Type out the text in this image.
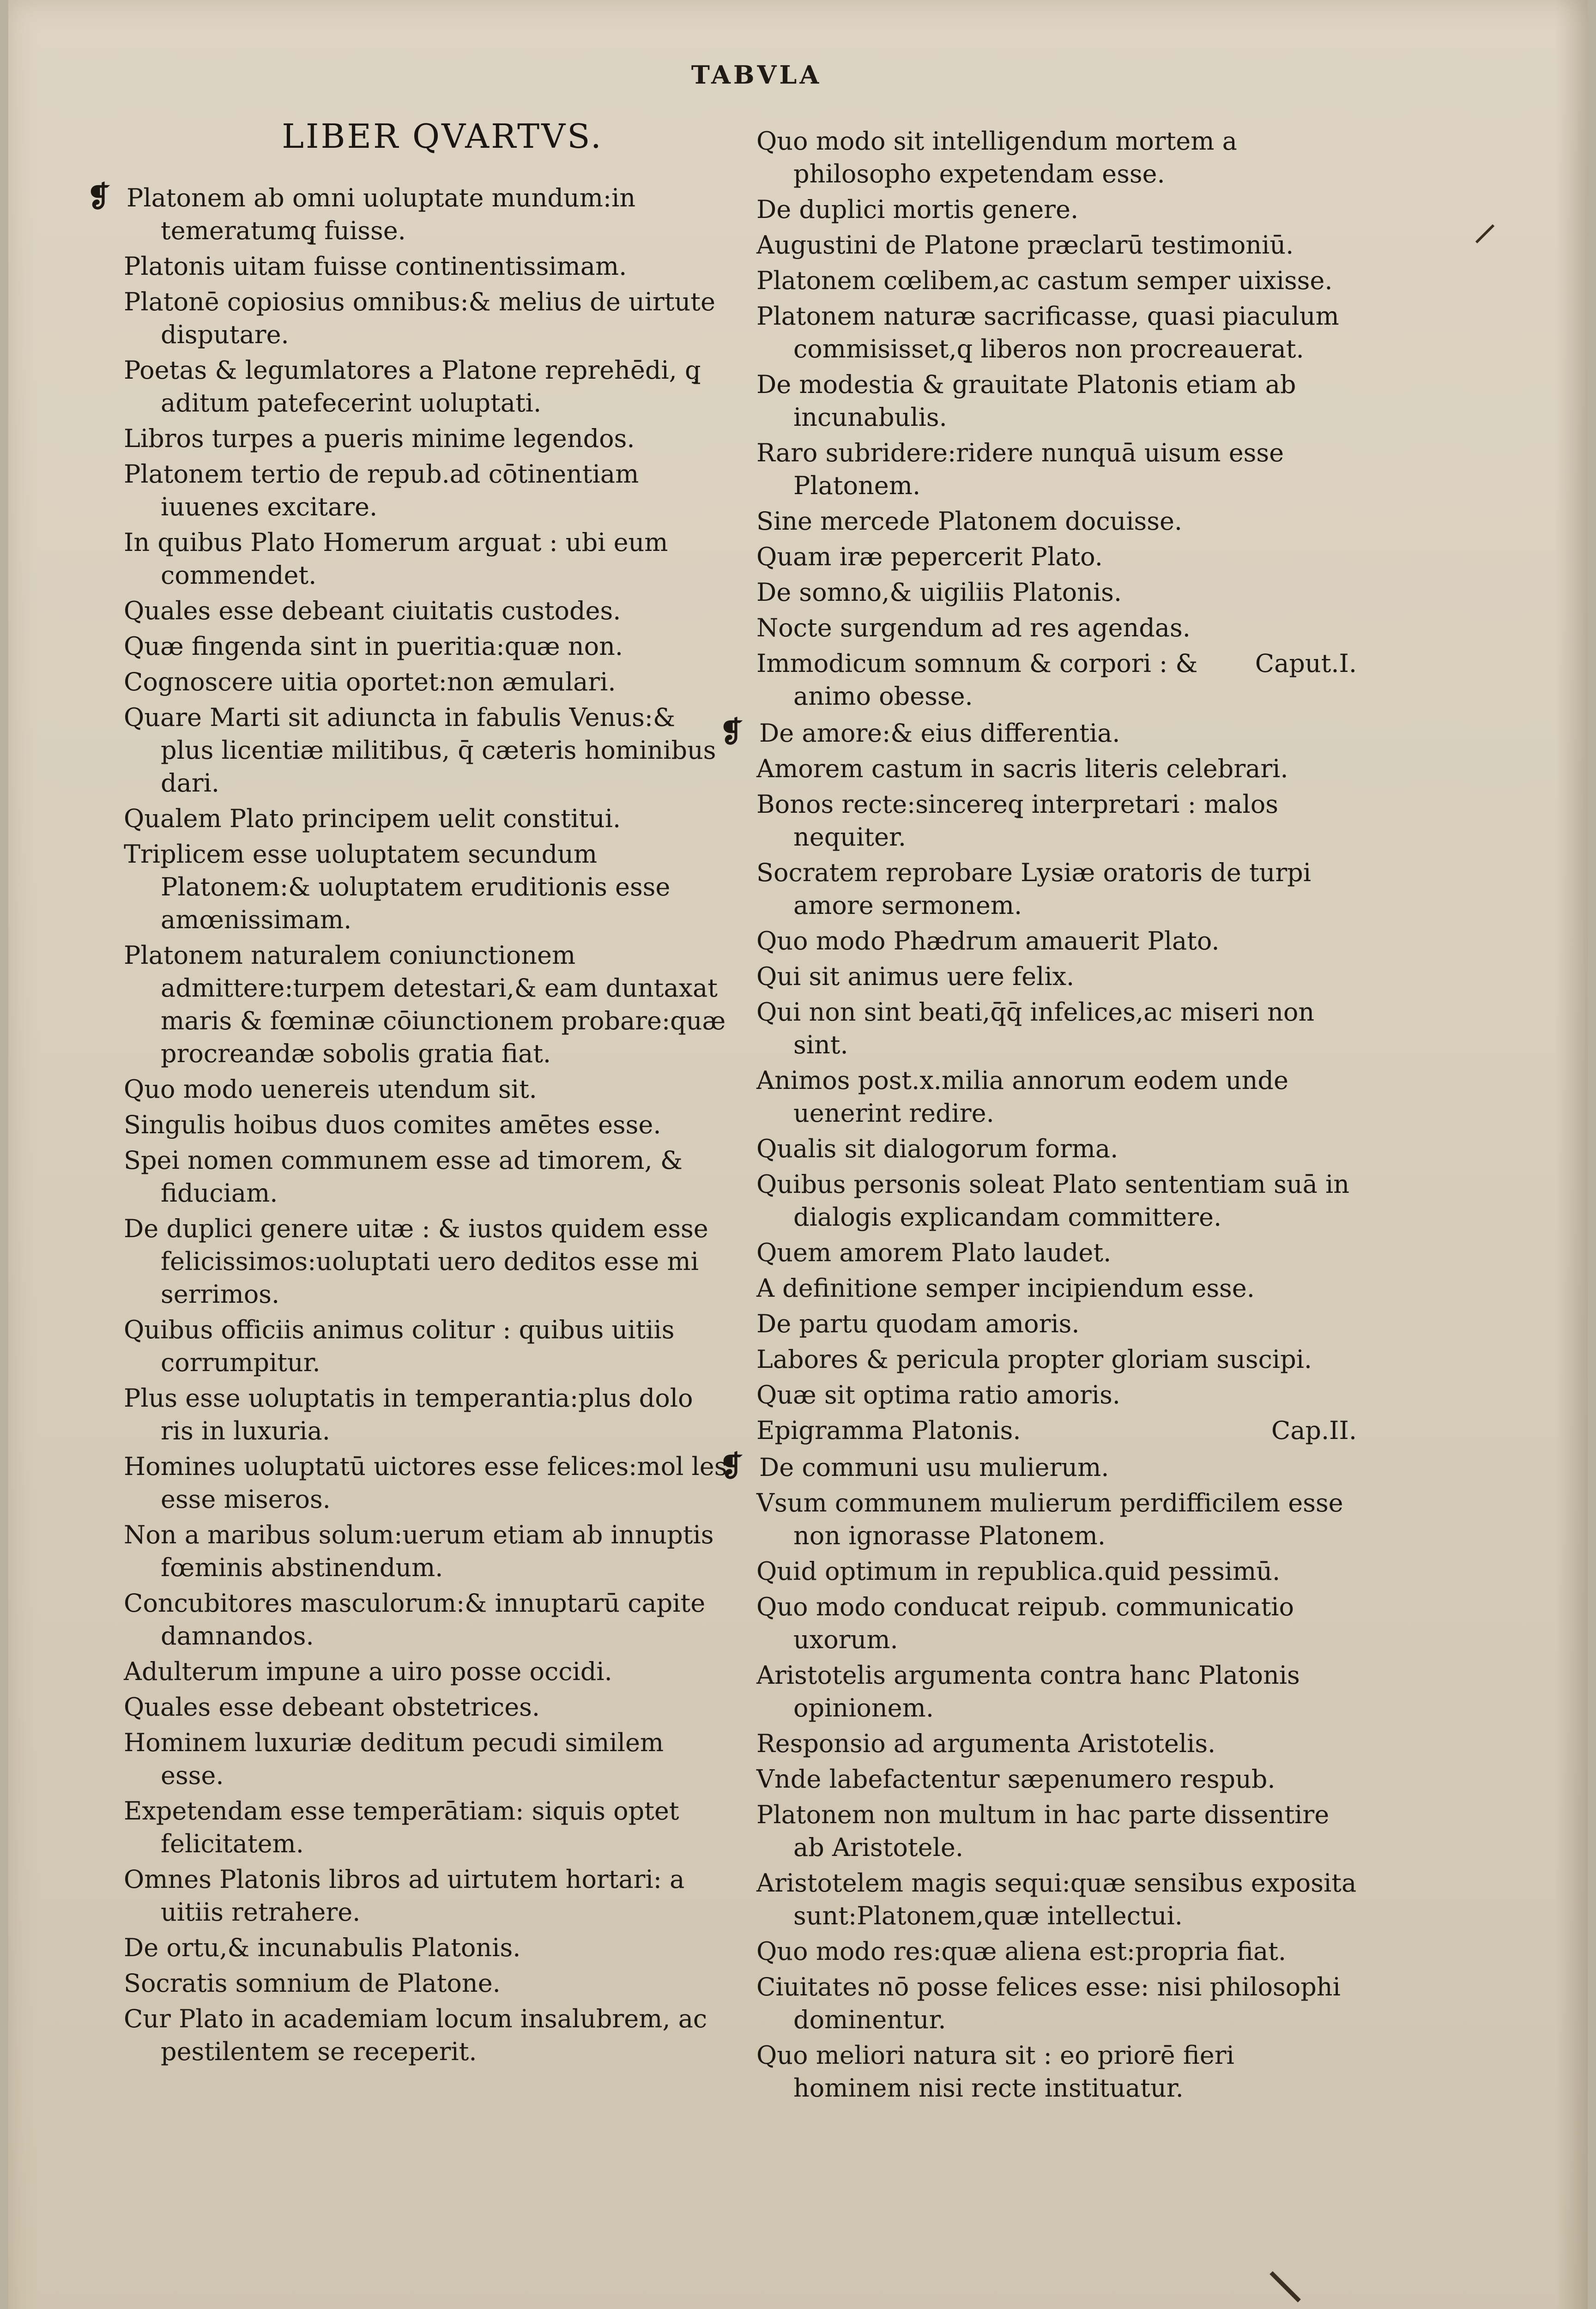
TABVLA
LIBER QVARTVS.
❡ Platonem ab omni uoluptate mundum:in temeratumq̧ fuisse.
Platonis uitam fuisse continentissimam.
Platonē copiosius omnibus:& melius de uirtute disputare.
Poetas & legumlatores a Platone reprehēdi, q̧ aditum patefecerint uoluptati.
Libros turpes a pueris minime legendos.
Platonem tertio de repub.ad cōtinentiam iuuenes excitare.
In quibus Plato Homerum arguat : ubi eum commendet.
Quales esse debeant ciuitatis custodes.
Quæ fingenda sint in pueritia:quæ non.
Cognoscere uitia oportet:non æmulari.
Quare Marti sit adiuncta in fabulis Venus:& plus licentiæ militibus, q̄ cæteris hominibus dari.
Qualem Plato principem uelit constitui.
Triplicem esse uoluptatem secundum Platonem:& uoluptatem eruditionis esse amœnissimam.
Platonem naturalem coniunctionem admittere:turpem detestari,& eam duntaxat maris & fœminæ cōiunctionem probare:quæ procreandæ sobolis gratia fiat.
Quo modo uenereis utendum sit.
Singulis hoibus duos comites amētes esse.
Spei nomen communem esse ad timorem, & fiduciam.
De duplici genere uitæ : & iustos quidem esse felicissimos:uoluptati uero deditos esse mi serrimos.
Quibus officiis animus colitur : quibus uitiis corrumpitur.
Plus esse uoluptatis in temperantia:plus dolo ris in luxuria.
Homines uoluptatū uictores esse felices:mol les esse miseros.
Non a maribus solum:uerum etiam ab innuptis fœminis abstinendum.
Concubitores masculorum:& innuptarū capite damnandos.
Adulterum impune a uiro posse occidi.
Quales esse debeant obstetrices.
Hominem luxuriæ deditum pecudi similem esse.
Expetendam esse temperātiam: siquis optet felicitatem.
Omnes Platonis libros ad uirtutem hortari: a uitiis retrahere.
De ortu,& incunabulis Platonis.
Socratis somnium de Platone.
Cur Plato in academiam locum insalubrem, ac pestilentem se receperit.
Quo modo sit intelligendum mortem a philosopho expetendam esse.
De duplici mortis genere.
Augustini de Platone præclarū testimoniū.
Platonem cœlibem,ac castum semper uixisse.
Platonem naturæ sacrificasse, quasi piaculum commisisset,q̧ liberos non procreauerat.
De modestia & grauitate Platonis etiam ab incunabulis.
Raro subridere:ridere nunquā uisum esse Platonem.
Sine mercede Platonem docuisse.
Quam iræ pepercerit Plato.
De somno,& uigiliis Platonis.
Nocte surgendum ad res agendas.
Caput.I.
Immodicum somnum & corpori : & animo obesse.
❡ De amore:& eius differentia.
Amorem castum in sacris literis celebrari.
Bonos recte:sincereq̧ interpretari : malos nequiter.
Socratem reprobare Lysiæ oratoris de turpi amore sermonem.
Quo modo Phædrum amauerit Plato.
Qui sit animus uere felix.
Qui non sint beati,q̄q̄ infelices,ac miseri non sint.
Animos post.x.milia annorum eodem unde uenerint redire.
Qualis sit dialogorum forma.
Quibus personis soleat Plato sententiam suā in dialogis explicandam committere.
Quem amorem Plato laudet.
A definitione semper incipiendum esse.
De partu quodam amoris.
Labores & pericula propter gloriam suscipi.
Quæ sit optima ratio amoris.
Cap.II.
Epigramma Platonis.
❡ De communi usu mulierum.
Vsum communem mulierum perdifficilem esse non ignorasse Platonem.
Quid optimum in republica.quid pessimū.
Quo modo conducat reipub. communicatio uxorum.
Aristotelis argumenta contra hanc Platonis opinionem.
Responsio ad argumenta Aristotelis.
Vnde labefactentur sæpenumero respub.
Platonem non multum in hac parte dissentire ab Aristotele.
Aristotelem magis sequi:quæ sensibus exposita sunt:Platonem,quæ intellectui.
Quo modo res:quæ aliena est:propria fiat.
Ciuitates nō posse felices esse: nisi philosophi dominentur.
Quo meliori natura sit : eo priorē fieri hominem nisi recte instituatur.
⸝
⸜
